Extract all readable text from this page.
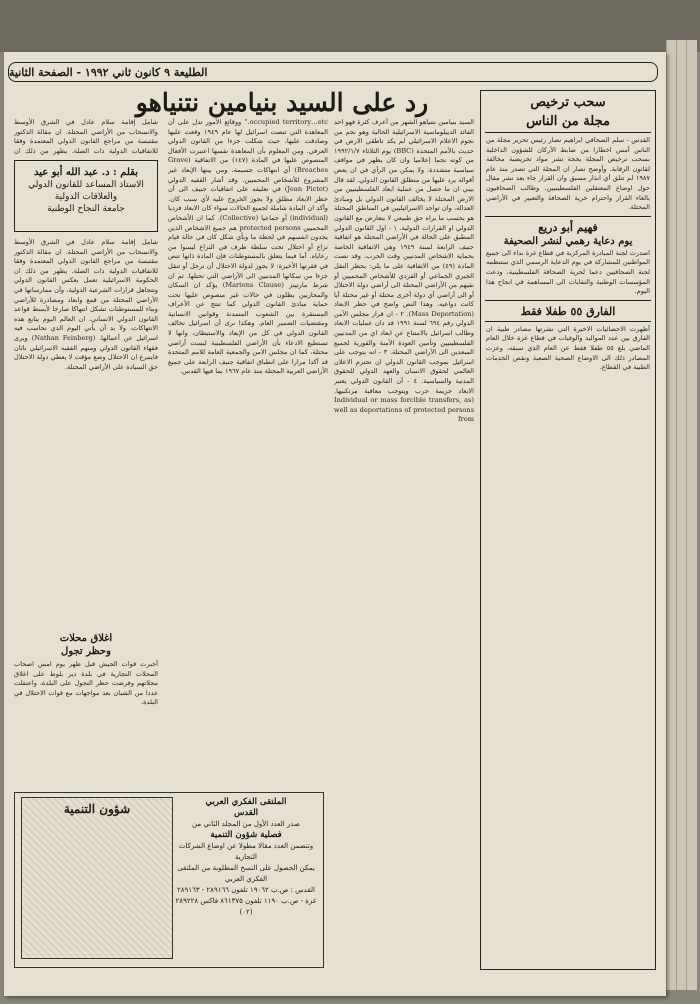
الطليعة ٩ كانون ثاني ١٩٩٢ - الصفحة الثانية
رد على السيد بنيامين نتنياهو

السيد بنيامين نتنياهو الشهر من أعرف كثرة فهو احد الفائد الديبلوماسية الاسرائيلية الحالية وهو نجم من نجوم الاعلام الاسرائيلي لم يكد ناطقي الارض في حديث بالأمم المتحدة (BBC) يوم الثلاثاء ١٩٩٢/١/٧ من كوته نجما إعلاميا وان كان يظهر في مواقف سياسية متشددة. ولا يمكن من الرأي في ان بعض أقواله يرد عليها من منطلق القانون الدولي. لقد قال بيبي ان ما حصل من عملية ابعاد الفلسطينيين من الارض المحتلة لا يخالف القانون الدولي بل ومبادئ العدالة، وان تواجد الاسرائيليين في المناطق المحتلة هو بحسب ما يراه حق طبيعي لا يتعارض مع القانون الدولي او القرارات الدولية. ١ - اول القانون الدولي المطبق على الحالة في الأراضي المحتلة هو اتفاقية جنيف الرابعة لسنة ١٩٤٩ وهي الاتفاقية الخاصة بحماية الاشخاص المدنيين وقت الحرب. وقد نصت المادة (٤٩) من الاتفاقية على ما يلي: يحظر النقل الجبري الجماعي أو الفردي للأشخاص المحميين أو نفيهم من الأراضي المحتلة الى أراضي دولة الاحتلال أو الى أراضي أي دولة أخرى محتلة أو غير محتلة أيا كانت دواعيه. وهذا النص واضح في حظر الابعاد (Mass Deportation). ٢ - ان قرار مجلس الأمن الدولي رقم ٦٩٤ لسنة ١٩٩١ قد دان عمليات الابعاد وطالب اسرائيل بالامتناع عن ابعاد اي من المدنيين الفلسطينيين وتأمين العودة الآمنة والفورية لجميع المبعدين الى الأراضي المحتلة. ٣ - انه يتوجب على اسرائيل بموجب القانون الدولي ان تحترم الاعلان العالمي لحقوق الانسان والعهد الدولي للحقوق المدنية والسياسية. ٤ - أن القانون الدولي يعتبر الابعاد جريمة حرب ويتوجب معاقبة مرتكبيها. (Individual or mass forcible transfers, as well as deportations of protected persons from

occupied territory…etc." ووقائع الأمور تدل على أن المعاهدة التي تنصت اسرائيل لها عام ١٩٤٩ وقعت عليها وصادقت عليها، حيث شكلت جزءا من القانون الدولي العرفي. ومن المعلوم بأن المعاهدة نفسها اعتبرت الأفعال المنصوص عليها في المادة (١٤٧) من الاتفاقية (Grave Breaches) أي انتهاكات جسيمة، ومن بينها الإبعاد غير المشروع للأشخاص المحميين. وقد أشار الفقيه الدولي (Jean Pictet) في تعليقه على اتفاقيات جنيف الى أن حظر الابعاد مطلق ولا يجوز الخروج عليه لأي سبب كان. وأكد ان المادة شاملة لجميع الحالات سواء كان الابعاد فرديا (individual) أو جماعيا (Collective). كما ان الأشخاص المحميين protected persons هم جميع الاشخاص الذين يجدون انفسهم في لحظة ما وبأي شكل كان في حالة قيام نزاع أو احتلال تحت سلطة طرف في النزاع ليسوا من رعاياه. أما فيما يتعلق بالمستوطنات فإن المادة ذاتها تنص في فقرتها الأخيرة: لا يجوز لدولة الاحتلال أن ترحل أو تنقل جزءا من سكانها المدنيين الى الأراضي التي تحتلها. ثم ان شرط مارتينز (Martens Clause) يؤكد ان السكان والمحاربين يظلون في حالات غير منصوص عليها تحت حماية مبادئ القانون الدولي كما تنتج عن الأعراف المستقرة بين الشعوب المتمدنة وقوانين الانسانية ومقتضيات الضمير العام. وهكذا نرى أن اسرائيل تخالف القانون الدولي في كل من الإبعاد والاستيطان، وانها لا تستطيع الادعاء بأن الأراضي الفلسطينية ليست أراضي محتلة، كما ان مجلس الامن والجمعية العامة للامم المتحدة قد أكدا مرارا على انطباق اتفاقية جنيف الرابعة على جميع الأراضي العربية المحتلة منذ عام ١٩٦٧ بما فيها القدس.

شامل إقامة سلام عادل في الشرق الأوسط والانسحاب من الأراضي المحتلة. ان مقالة الدكتور مقتبسة من مراجع القانون الدولي المعتمدة وفقا للاتفاقيات الدولية ذات الصلة. يظهر من ذلك ان

بقلم : د. عبد الله أبو عيد
الاستاذ المساعد للقانون الدولي والعلاقات الدولية
جامعة النجاح الوطنية

شامل إقامة سلام عادل في الشرق الأوسط والانسحاب من الأراضي المحتلة. ان مقالة الدكتور مقتبسة من مراجع القانون الدولي المعتمدة وفقا للاتفاقيات الدولية ذات الصلة. يظهر من ذلك ان الحكومة الاسرائيلية تعمل بعكس القانون الدولي وتتجاهل قرارات الشرعية الدولية، وأن ممارساتها في الأراضي المحتلة من قمع وابعاد ومصادرة للأراضي وبناء للمستوطنات تشكل انتهاكا صارخا لأبسط قواعد القانون الدولي الانساني. ان العالم اليوم يتابع هذه الانتهاكات، ولا بد أن يأتي اليوم الذي تحاسب فيه اسرائيل عن أعمالها. (Nathan Feinberg) ويرى فقهاء القانون الدولي ومنهم الفقيه الاسرائيلي ناثان فاينبرغ ان الاحتلال وضع مؤقت لا يعطي دولة الاحتلال حق السيادة على الأراضي المحتلة.

اغلاق محلات
وحظر تجول

أجبرت قوات الجيش قبل ظهر يوم امس اصحاب المحلات التجارية في بلدة دير بلوط على اغلاق محلاتهم وفرضت حظر التجول على البلدة، واعتقلت عددا من الشبان بعد مواجهات مع قوات الاحتلال في البلدة.

شؤون التنمية	الملتقى الفكري العربي
القدس
صدر العدد الأول من المجلد الثاني من
فصلية شؤون التنمية
وتتضمن العدد مقالا مطولا عن اوضاع الشركات التجارية
يمكن الحصول على النسخ المطلوبة من الملتقى الفكري العربي
القدس : ص.ب ١٩٠٦٢ تلفون ٢٨٩١٦٦ - ٢٨٩١٦٣
غزة - ص.ب ١١٩٠ تلفون ٨٦١٣٧٥ فاكس ٢٨٩٢٢٨ (٠٢)
سحب ترخيص
مجلة من الناس
القدس - سلم الصحافي ابراهيم نصار رئيس تحرير مجلة من الناس أمس اخطارا من ضابط الأركان للشؤون الداخلية بسحب ترخيص المجلة بحجة نشر مواد تحريضية مخالفة لقانون الرقابة. وأوضح نصار ان المجلة التي تصدر منذ عام ١٩٨٧ لم تتلق أي انذار مسبق وان القرار جاء بعد نشر مقال حول اوضاع المعتقلين الفلسطينيين. وطالب الصحافيون بالغاء القرار واحترام حرية الصحافة والتعبير في الأراضي المحتلة.
فهيم أبو دريع
يوم دعاية رهمي لنشر الصحيفة
اصدرت لجنة المبادرة المركزية في قطاع غزة نداء الى جميع المواطنين للمشاركة في يوم الدعاية الرسمي الذي ستنظمه لجنة الصحافيين دعما لحرية الصحافة الفلسطينية، ودعت المؤسسات الوطنية والنقابات الى المساهمة في انجاح هذا اليوم.
الفارق ٥٥ طفلا فقط
أظهرت الاحصائيات الاخيرة التي نشرتها مصادر طبية ان الفارق بين عدد المواليد والوفيات في قطاع غزة خلال العام الماضي بلغ ٥٥ طفلا فقط عن العام الذي سبقه، وعزت المصادر ذلك الى الاوضاع الصحية الصعبة ونقص الخدمات الطبية في القطاع.
